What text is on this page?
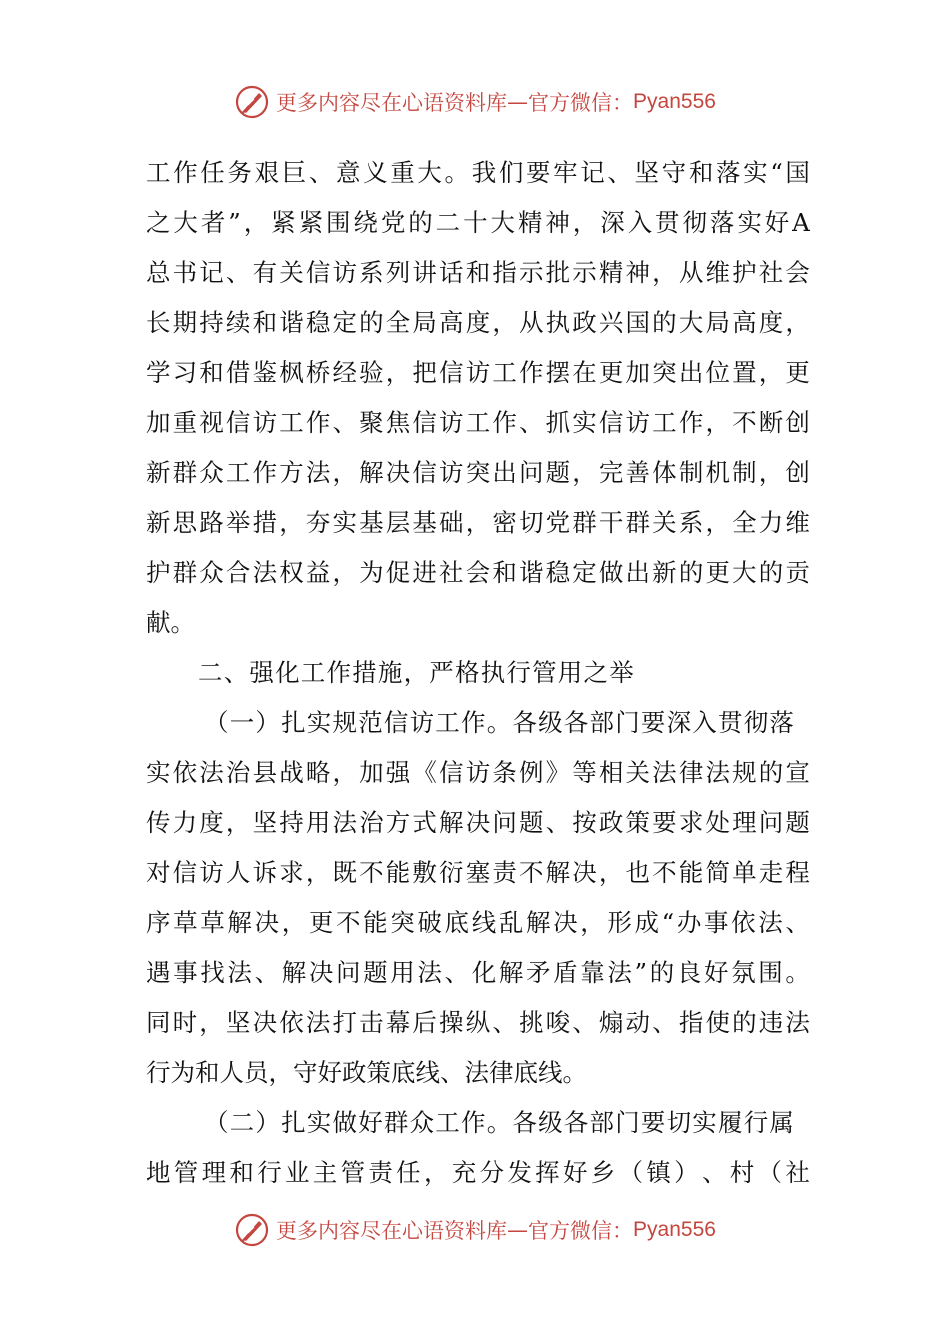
更多内容尽在心语资料库 — 官方微信： Pyan556
工 作 任 务 艰 巨 、 意 义 重 大 。 我 们 要 牢 记 、 坚 守 和 落 实 “ 国
之 大 者 ” ， 紧 紧 围 绕 党 的 二 十 大 精 神 ， 深 入 贯 彻 落 实 好 A
总 书 记 、 有 关 信 访 系 列 讲 话 和 指 示 批 示 精 神 ， 从 维 护 社 会
长 期 持 续 和 谐 稳 定 的 全 局 高 度 ， 从 执 政 兴 国 的 大 局 高 度 ，
学 习 和 借 鉴 枫 桥 经 验 ， 把 信 访 工 作 摆 在 更 加 突 出 位 置 ， 更
加 重 视 信 访 工 作 、 聚 焦 信 访 工 作 、 抓 实 信 访 工 作 ， 不 断 创
新 群 众 工 作 方 法 ， 解 决 信 访 突 出 问 题 ， 完 善 体 制 机 制 ， 创
新 思 路 举 措 ， 夯 实 基 层 基 础 ， 密 切 党 群 干 群 关 系 ， 全 力 维
护 群 众 合 法 权 益 ， 为 促 进 社 会 和 谐 稳 定 做 出 新 的 更 大 的 贡
献。
二、强化工作措施，严格执行管用之举
（一）扎实规范信访工作。各级各部门要深入贯彻落
实 依 法 治 县 战 略 ， 加 强 《 信 访 条 例 》 等 相 关 法 律 法 规 的 宣
传 力 度 ， 坚 持 用 法 治 方 式 解 决 问 题 、 按 政 策 要 求 处 理 问 题
对 信 访 人 诉 求 ， 既 不 能 敷 衍 塞 责 不 解 决 ， 也 不 能 简 单 走 程
序 草 草 解 决 ， 更 不 能 突 破 底 线 乱 解 决 ， 形 成 “ 办 事 依 法 、
遇 事 找 法 、 解 决 问 题 用 法 、 化 解 矛 盾 靠 法 ” 的 良 好 氛 围 。
同 时 ， 坚 决 依 法 打 击 幕 后 操 纵 、 挑 唆 、 煽 动 、 指 使 的 违 法
行为和人员，守好政策底线、法律底线。
（二）扎实做好群众工作。各级各部门要切实履行属
地 管 理 和 行 业 主 管 责 任 ， 充 分 发 挥 好 乡 （ 镇 ） 、 村 （ 社
更多内容尽在心语资料库 — 官方微信： Pyan556
